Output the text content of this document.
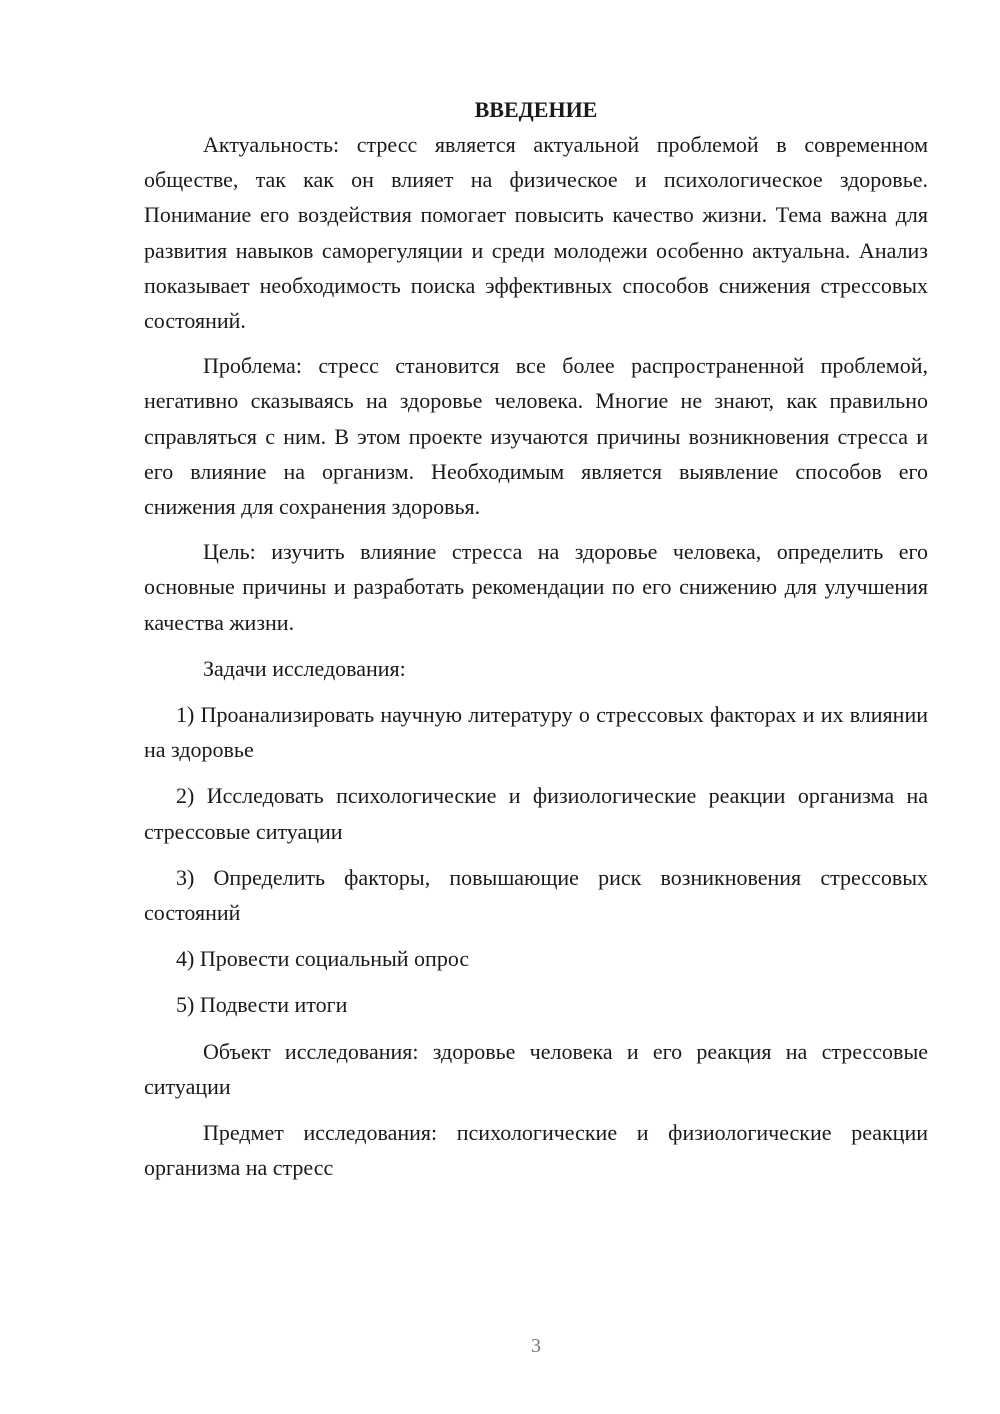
ВВЕДЕНИЕ

Актуальность: стресс является актуальной проблемой в современном обществе, так как он влияет на физическое и психологическое здоровье. Понимание его воздействия помогает повысить качество жизни. Тема важна для развития навыков саморегуляции и среди молодежи особенно актуальна. Анализ показывает необходимость поиска эффективных способов снижения стрессовых состояний.

Проблема: стресс становится все более распространенной проблемой, негативно сказываясь на здоровье человека. Многие не знают, как правильно справляться с ним. В этом проекте изучаются причины возникновения стресса и его влияние на организм. Необходимым является выявление способов его снижения для сохранения здоровья.

Цель: изучить влияние стресса на здоровье человека, определить его основные причины и разработать рекомендации по его снижению для улучшения качества жизни.

Задачи исследования:

1) Проанализировать научную литературу о стрессовых факторах и их влиянии на здоровье

2) Исследовать психологические и физиологические реакции организма на стрессовые ситуации

3) Определить факторы, повышающие риск возникновения стрессовых состояний

4) Провести социальный опрос

5) Подвести итоги

Объект исследования: здоровье человека и его реакция на стрессовые ситуации

Предмет исследования: психологические и физиологические реакции организма на стресс

3
